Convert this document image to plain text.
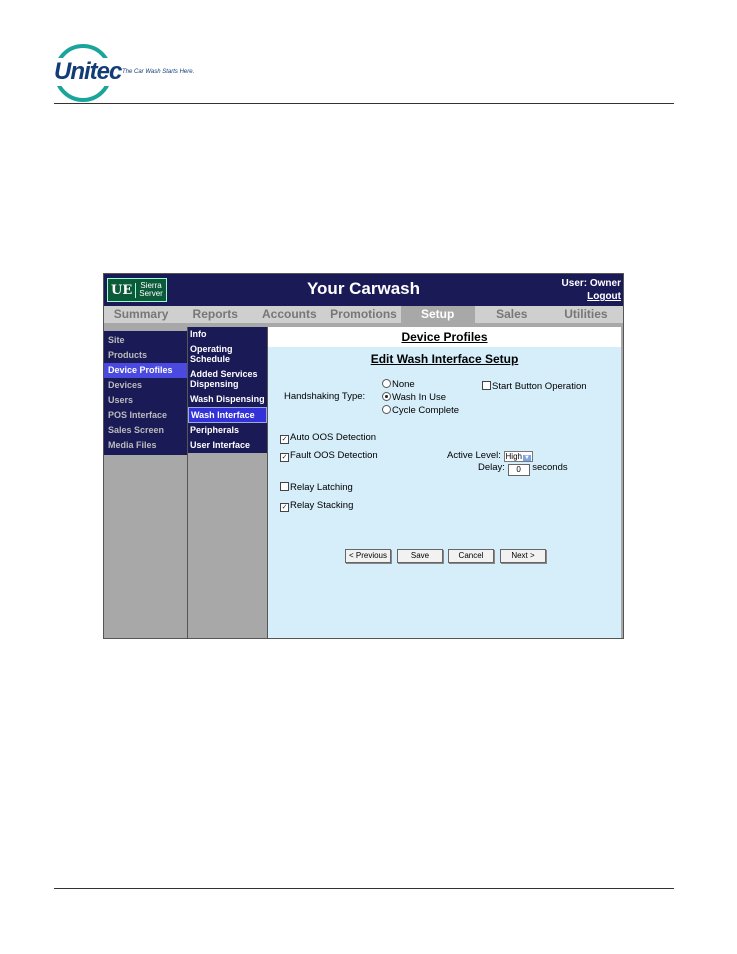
Unitec The Car Wash Starts Here.
UE	Sierra
Server	Your Carwash	User: Owner
Logout
Summary	Reports	Accounts	Promotions	Setup	Sales	Utilities
Site
Products
Device Profiles
Devices
Users
POS Interface
Sales Screen
Media Files
Info
Operating Schedule
Added Services Dispensing
Wash Dispensing
Wash Interface
Peripherals
User Interface
Device Profiles
Edit Wash Interface Setup
Handshaking Type:
None
Wash In Use
Cycle Complete
Start Button Operation
✓ Auto OOS Detection
✓ Fault OOS Detection	Active Level: High ▼
Delay: 0 seconds
Relay Latching
✓ Relay Stacking
< Previous	Save	Cancel	Next >
